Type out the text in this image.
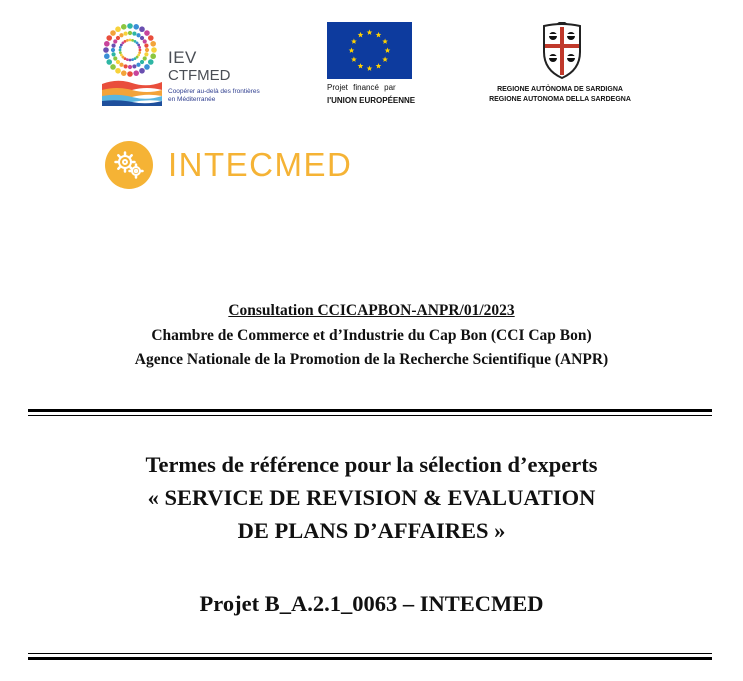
IEV
CTFMED
Coopérer au-delà des frontières
en Méditerranée
Projet financé par
l'UNION EUROPÉENNE
REGIONE AUTÒNOMA DE SARDIGNA
REGIONE AUTONOMA DELLA SARDEGNA
INTECMED
Consultation CCICAPBON-ANPR/01/2023
Chambre de Commerce et d’Industrie du Cap Bon (CCI Cap Bon)
Agence Nationale de la Promotion de la Recherche Scientifique (ANPR)
Termes de référence pour la sélection d’experts
« SERVICE DE REVISION & EVALUATION
DE PLANS D’AFFAIRES »
Projet B_A.2.1_0063 – INTECMED
